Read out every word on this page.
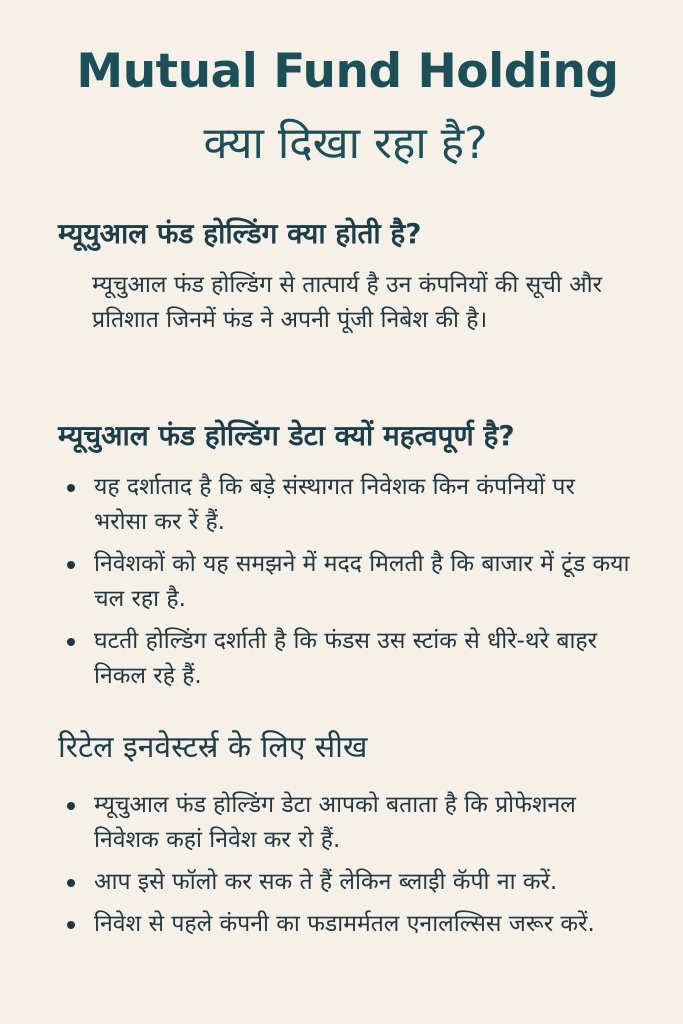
Mutual Fund Holding
क्या दिखा रहा है?
म्यूयुआल फंड होल्डिंग क्या होती है?
म्यूचुआल फंड होल्डिंग से तात्पार्य है उन कंपनियों की सूची और प्रतिशात जिनमें फंड ने अपनी पूंजी निबेश की है।
म्यूचुआल फंड होल्डिंग डेटा क्यों महत्वपूर्ण है?
यह दर्शाताद है कि बड़े संस्थागत निवेशक किन कंपनियों पर भरोसा कर रें हैं.
निवेशकों को यह समझने में मदद मिलती है कि बाजार में टूंड कया चल रहा है.
घटती होल्डिंग दर्शाती है कि फंडस उस स्टांक से धीरे-थरे बाहर निकल रहे हैं.
रिटेल इनवेस्टर्स्र के लिए सीख
म्यूचुआल फंड होल्डिंग डेटा आपको बताता है कि प्रोफेशनल निवेशक कहां निवेश कर रो हैं.
आप इसे फॉलो कर सक ते हैं लेकिन ब्लाइी कॅपी ना करें.
निवेश से पहले कंपनी का फडामर्मतल एनालल्सिस जरूर करें.
